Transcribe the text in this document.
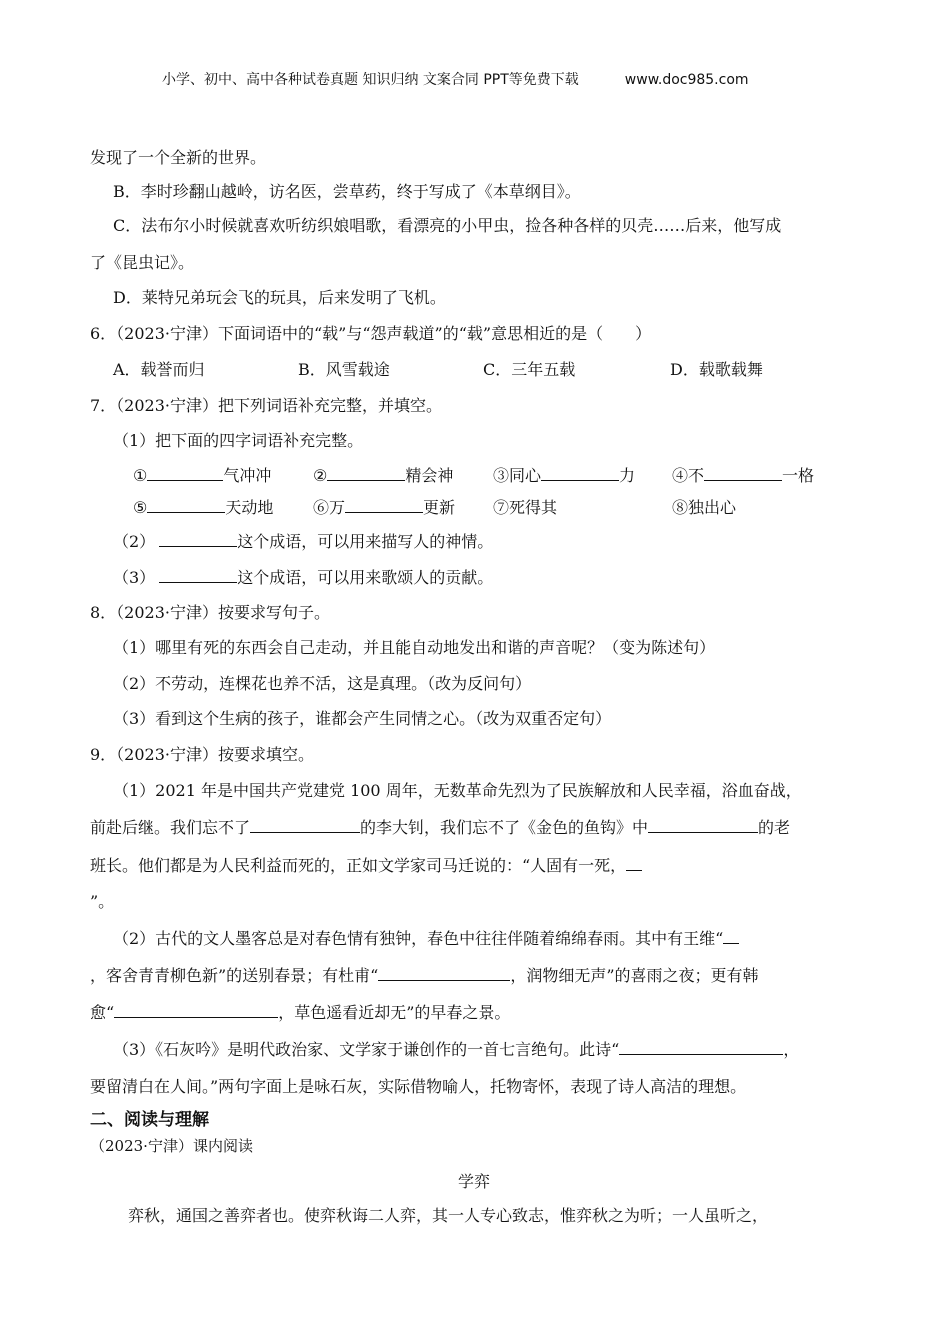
小学、初中、高中各种试卷真题 知识归纳 文案合同 PPT等免费下载	www.doc985.com
发现了一个全新的世界。
B．李时珍翻山越岭，访名医，尝草药，终于写成了《本草纲目》。
C．法布尔小时候就喜欢听纺织娘唱歌，看漂亮的小甲虫，捡各种各样的贝壳……后来，他写成
了《昆虫记》。
D．莱特兄弟玩会飞的玩具，后来发明了飞机。
6．（2023·宁津）下面词语中的“载”与“怨声载道”的“载”意思相近的是（　　）
A．载誉而归	B．风雪载途	C．三年五载	D．载歌载舞
7．（2023·宁津）把下列词语补充完整，并填空。
（1）把下面的四字词语补充完整。
①	气冲冲	②	精会神 ③同心	力 ④不	一格
⑤	天动地 ⑥万	更新 ⑦死得其	⑧独出心
（2）	这个成语，可以用来描写人的神情。
（3）	这个成语，可以用来歌颂人的贡献。
8．（2023·宁津）按要求写句子。
（1）哪里有死的东西会自己走动，并且能自动地发出和谐的声音呢？（变为陈述句）
（2）不劳动，连棵花也养不活，这是真理。（改为反问句）
（3）看到这个生病的孩子，谁都会产生同情之心。（改为双重否定句）
9．（2023·宁津）按要求填空。
（1）2021 年是中国共产党建党 100 周年，无数革命先烈为了民族解放和人民幸福，浴血奋战，
前赴后继。我们忘不了	的李大钊，我们忘不了《金色的鱼钩》中	的老
班长。他们都是为人民利益而死的，正如文学家司马迁说的：“人固有一死，
”。
（2）古代的文人墨客总是对春色情有独钟，春色中往往伴随着绵绵春雨。其中有王维“
，客舍青青柳色新”的送别春景；有杜甫“	，润物细无声”的喜雨之夜；更有韩
愈“	，草色遥看近却无”的早春之景。
（3）《石灰吟》是明代政治家、文学家于谦创作的一首七言绝句。此诗“	，
要留清白在人间。”两句字面上是咏石灰，实际借物喻人，托物寄怀，表现了诗人高洁的理想。
二、阅读与理解
（2023·宁津）课内阅读
学弈
弈秋，通国之善弈者也。使弈秋诲二人弈，其一人专心致志，惟弈秋之为听；一人虽听之，
